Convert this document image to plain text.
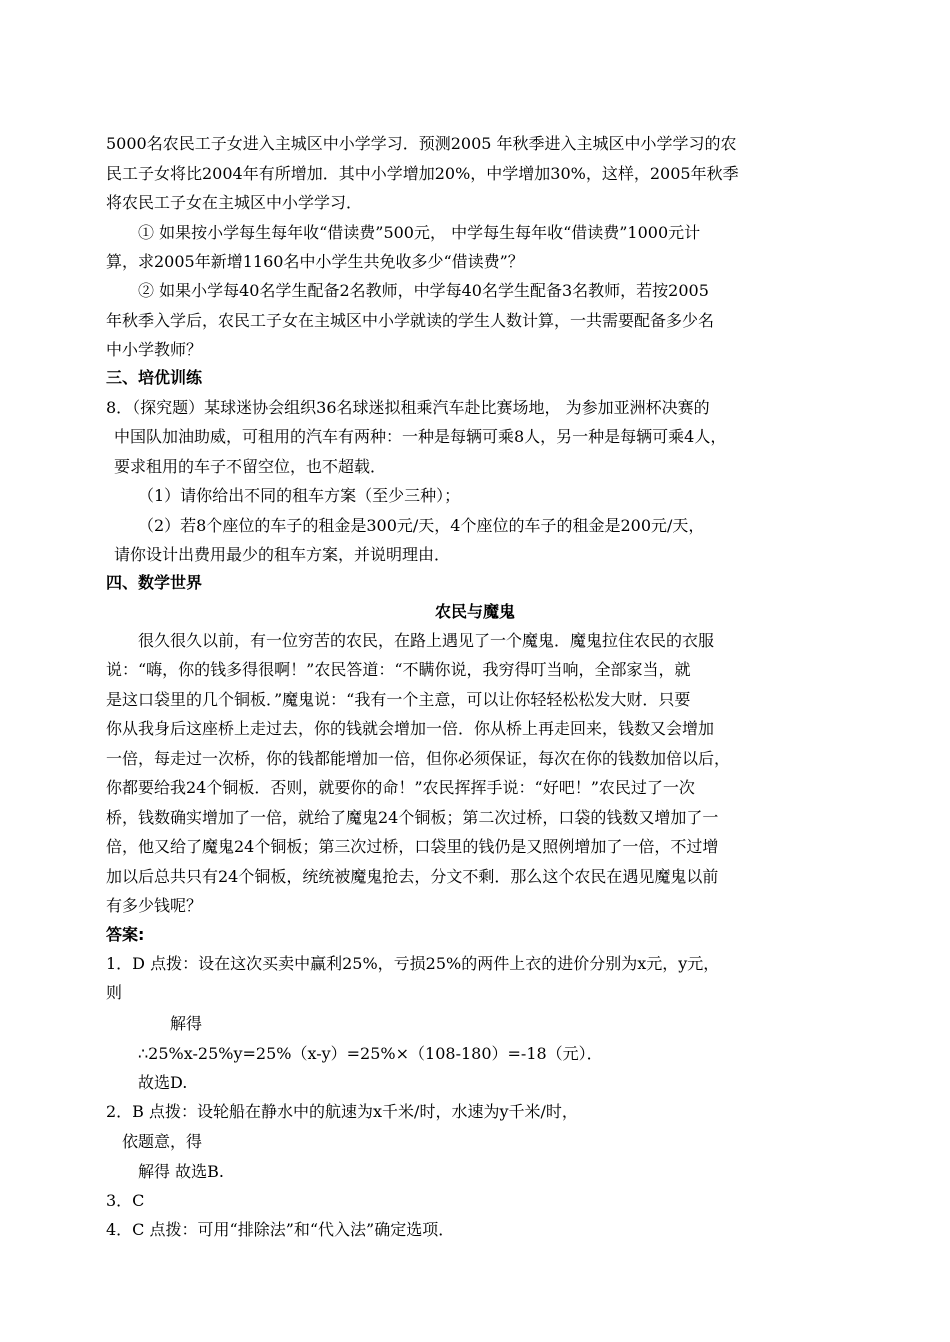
5000名农民工子女进入主城区中小学学习．预测2005 年秋季进入主城区中小学学习的农
民工子女将比2004年有所增加．其中小学增加20%，中学增加30%，这样，2005年秋季
将农民工子女在主城区中小学学习．
① 如果按小学每生每年收“借读费”500元， 中学每生每年收“借读费”1000元计
算，求2005年新增1160名中小学生共免收多少“借读费”？
② 如果小学每40名学生配备2名教师，中学每40名学生配备3名教师，若按2005
年秋季入学后，农民工子女在主城区中小学就读的学生人数计算，一共需要配备多少名
中小学教师？
三、培优训练
8．（探究题）某球迷协会组织36名球迷拟租乘汽车赴比赛场地， 为参加亚洲杯决赛的
中国队加油助威，可租用的汽车有两种：一种是每辆可乘8人，另一种是每辆可乘4人，
要求租用的车子不留空位，也不超载．
（1）请你给出不同的租车方案（至少三种）；
（2）若8个座位的车子的租金是300元/天，4个座位的车子的租金是200元/天，
请你设计出费用最少的租车方案，并说明理由．
四、数学世界
农民与魔鬼
很久很久以前，有一位穷苦的农民，在路上遇见了一个魔鬼．魔鬼拉住农民的衣服
说：“嗨，你的钱多得很啊！”农民答道：“不瞒你说，我穷得叮当响，全部家当，就
是这口袋里的几个铜板．”魔鬼说：“我有一个主意，可以让你轻轻松松发大财．只要
你从我身后这座桥上走过去，你的钱就会增加一倍．你从桥上再走回来，钱数又会增加
一倍，每走过一次桥，你的钱都能增加一倍，但你必须保证，每次在你的钱数加倍以后，
你都要给我24个铜板．否则，就要你的命！”农民挥挥手说：“好吧！”农民过了一次
桥，钱数确实增加了一倍，就给了魔鬼24个铜板；第二次过桥，口袋的钱数又增加了一
倍，他又给了魔鬼24个铜板；第三次过桥，口袋里的钱仍是又照例增加了一倍，不过增
加以后总共只有24个铜板，统统被魔鬼抢去，分文不剩．那么这个农民在遇见魔鬼以前
有多少钱呢？
答案:
1．D 点拨：设在这次买卖中赢利25%，亏损25%的两件上衣的进价分别为x元，y元，
则
解得
∴25%x-25%y=25%（x-y）=25%×（108-180）=-18（元）．
故选D.
2．B 点拨：设轮船在静水中的航速为x千米/时，水速为y千米/时，
依题意，得
解得 故选B.
3．C
4．C 点拨：可用“排除法”和“代入法”确定选项．
